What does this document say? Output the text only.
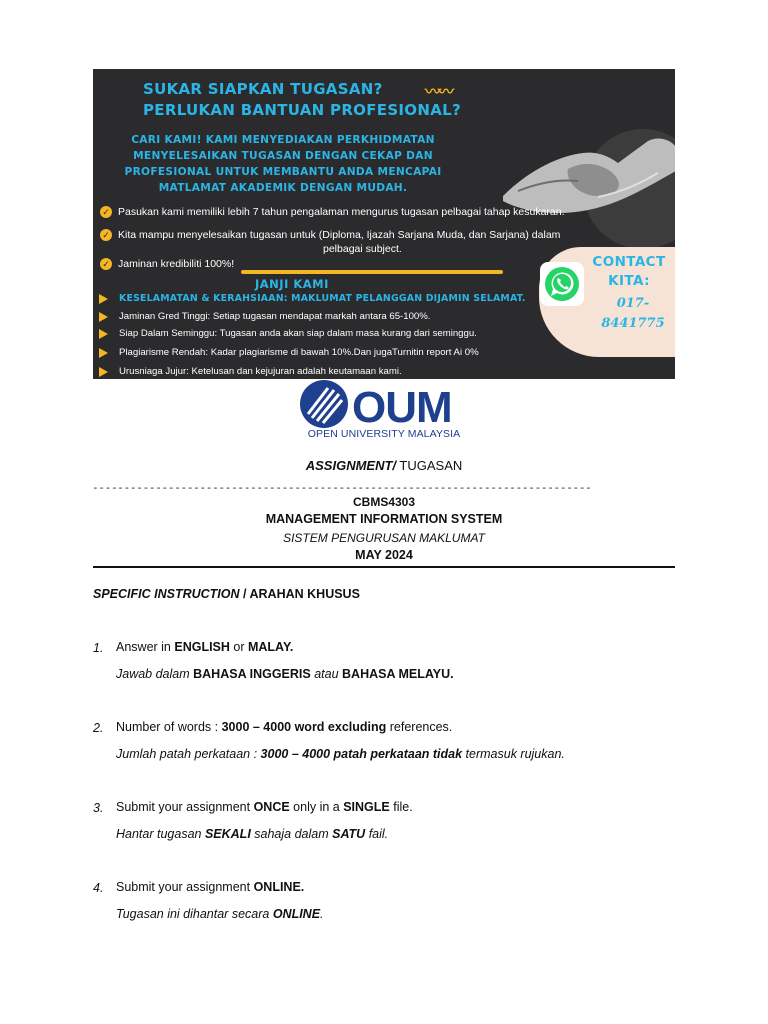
SUKAR SIAPKAN TUGASAN?
PERLUKAN BANTUAN PROFESIONAL?
〰〰
CARI KAMI! KAMI MENYEDIAKAN PERKHIDMATAN
MENYELESAIKAN TUGASAN DENGAN CEKAP DAN
PROFESIONAL UNTUK MEMBANTU ANDA MENCAPAI
MATLAMAT AKADEMIK DENGAN MUDAH.
✓ Pasukan kami memiliki lebih 7 tahun pengalaman mengurus tugasan pelbagai tahap kesukaran.
✓ Kita mampu menyelesaikan tugasan untuk (Diploma, Ijazah Sarjana Muda, dan Sarjana) dalam
pelbagai subject.
✓ Jaminan kredibiliti 100%!
JANJI KAMI
KESELAMATAN & KERAHSIAAN: MAKLUMAT PELANGGAN DIJAMIN SELAMAT.
Jaminan Gred Tinggi: Setiap tugasan mendapat markah antara 65-100%.
Siap Dalam Seminggu: Tugasan anda akan siap dalam masa kurang dari seminggu.
Plagiarisme Rendah: Kadar plagiarisme di bawah 10%.Dan jugaTurnitin report Ai 0%
Urusniaga Jujur: Ketelusan dan kejujuran adalah keutamaan kami.
CONTACT
KITA:
017-
8441775
OUM
OPEN UNIVERSITY MALAYSIA
ASSIGNMENT/ TUGASAN
-------------------------------------------------------------------------------
CBMS4303
MANAGEMENT INFORMATION SYSTEM
SISTEM PENGURUSAN MAKLUMAT
MAY 2024
SPECIFIC INSTRUCTION / ARAHAN KHUSUS
1. Answer in ENGLISH or MALAY.
Jawab dalam BAHASA INGGERIS atau BAHASA MELAYU.
2. Number of words : 3000 – 4000 word excluding references.
Jumlah patah perkataan : 3000 – 4000 patah perkataan tidak termasuk rujukan.
3. Submit your assignment ONCE only in a SINGLE file.
Hantar tugasan SEKALI sahaja dalam SATU fail.
4. Submit your assignment ONLINE.
Tugasan ini dihantar secara ONLINE.
